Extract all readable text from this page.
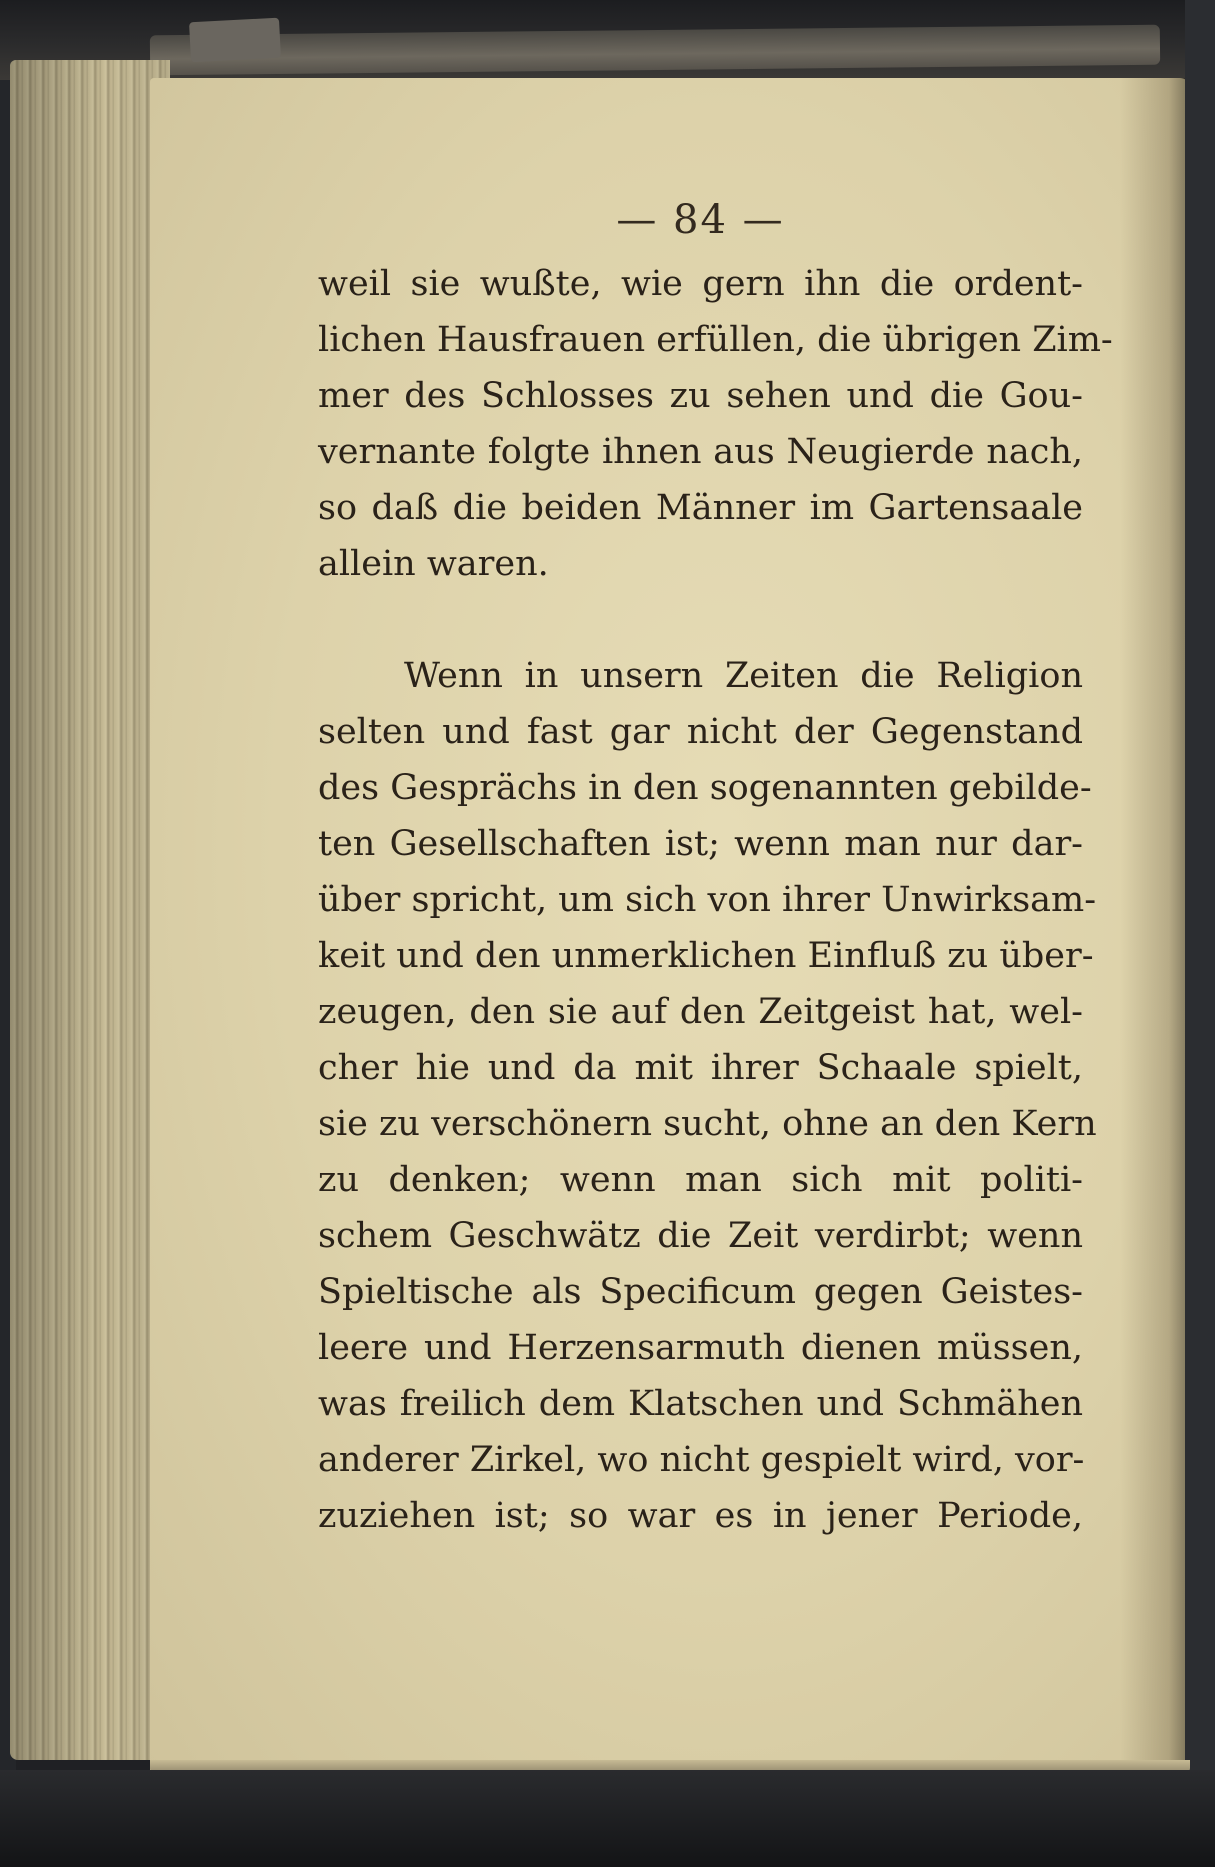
— 84 —
weil sie wußte, wie gern ihn die ordent-
lichen Hausfrauen erfüllen, die übrigen Zim-
mer des Schlosses zu sehen und die Gou-
vernante folgte ihnen aus Neugierde nach,
so daß die beiden Männer im Gartensaale
allein waren.
Wenn in unsern Zeiten die Religion
selten und fast gar nicht der Gegenstand
des Gesprächs in den sogenannten gebilde-
ten Gesellschaften ist; wenn man nur dar-
über spricht, um sich von ihrer Unwirksam-
keit und den unmerklichen Einfluß zu über-
zeugen, den sie auf den Zeitgeist hat, wel-
cher hie und da mit ihrer Schaale spielt,
sie zu verschönern sucht, ohne an den Kern
zu denken; wenn man sich mit politi-
schem Geschwätz die Zeit verdirbt; wenn
Spieltische als Specificum gegen Geistes-
leere und Herzensarmuth dienen müssen,
was freilich dem Klatschen und Schmähen
anderer Zirkel, wo nicht gespielt wird, vor-
zuziehen ist; so war es in jener Periode,
